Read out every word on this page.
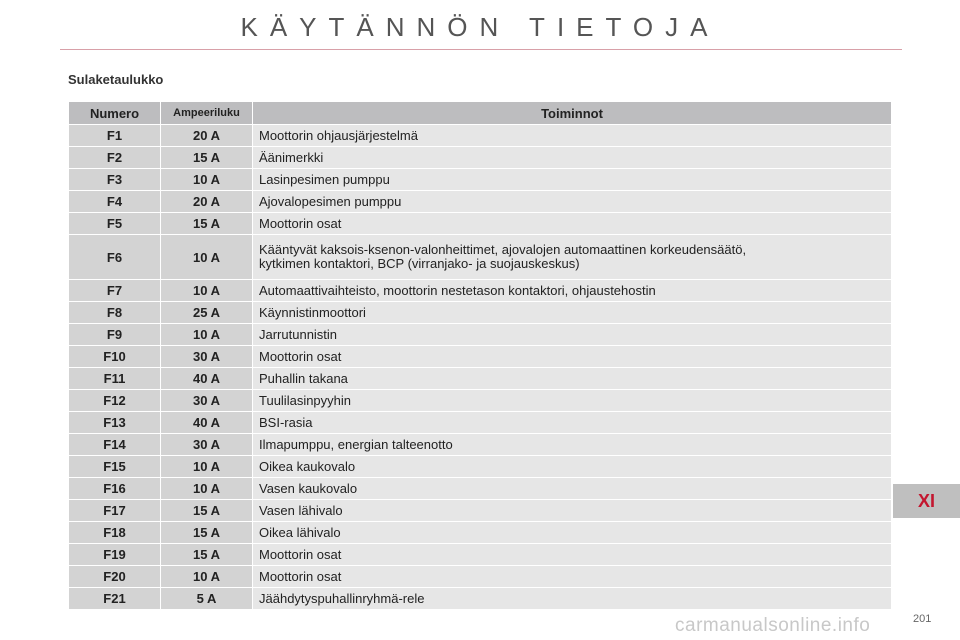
KÄYTÄNNÖN TIETOJA
Sulaketaulukko
Numero	Ampeeriluku	Toiminnot
F1	20 A	Moottorin ohjausjärjestelmä
F2	15 A	Äänimerkki
F3	10 A	Lasinpesimen pumppu
F4	20 A	Ajovalopesimen pumppu
F5	15 A	Moottorin osat
F6	10 A	Kääntyvät kaksois-ksenon-valonheittimet, ajovalojen automaattinen korkeudensäätö,
kytkimen kontaktori, BCP (virranjako- ja suojauskeskus)

F7	10 A	Automaattivaihteisto, moottorin nestetason kontaktori, ohjaustehostin
F8	25 A	Käynnistinmoottori
F9	10 A	Jarrutunnistin
F10	30 A	Moottorin osat
F11	40 A	Puhallin takana
F12	30 A	Tuulilasinpyyhin
F13	40 A	BSI-rasia
F14	30 A	Ilmapumppu, energian talteenotto
F15	10 A	Oikea kaukovalo
F16	10 A	Vasen kaukovalo
F17	15 A	Vasen lähivalo
F18	15 A	Oikea lähivalo
F19	15 A	Moottorin osat
F20	10 A	Moottorin osat
F21	5 A	Jäähdytyspuhallinryhmä-rele
XI
carmanualsonline.info	201
